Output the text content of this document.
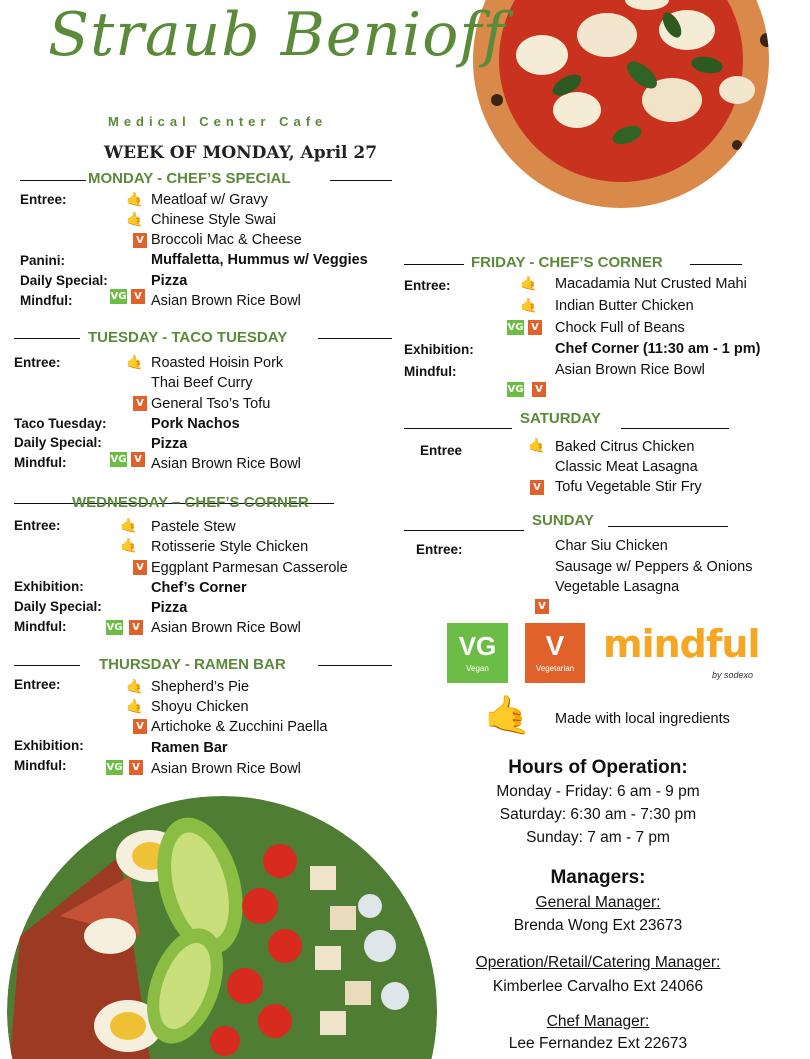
Straub Benioff
Medical Center Cafe
WEEK OF MONDAY, April 27
MONDAY - CHEF’S SPECIAL
Entree:	🤙 Meatloaf w/ Gravy
🤙 Chinese Style Swai
V Broccoli Mac & Cheese
Panini:	Muffaletta, Hummus w/ Veggies
Daily Special:	Pizza
Mindful:	VG V Asian Brown Rice Bowl
TUESDAY - TACO TUESDAY
Entree:	🤙 Roasted Hoisin Pork
Thai Beef Curry
V General Tso’s Tofu
Taco Tuesday:	Pork Nachos
Daily Special:	Pizza
Mindful:	VG V Asian Brown Rice Bowl
WEDNESDAY – CHEF’S CORNER
Entree:	🤙 Pastele Stew
🤙 Rotisserie Style Chicken
V Eggplant Parmesan Casserole
Exhibition:	Chef’s Corner
Daily Special:	Pizza
Mindful:	VG V Asian Brown Rice Bowl
THURSDAY - RAMEN BAR
Entree:	🤙 Shepherd’s Pie
🤙 Shoyu Chicken
V Artichoke & Zucchini Paella
Exhibition:	Ramen Bar
Mindful:	VG V Asian Brown Rice Bowl
FRIDAY - CHEF’S CORNER
Entree:	🤙 Macadamia Nut Crusted Mahi
🤙 Indian Butter Chicken
VG V Chock Full of Beans
Exhibition:	Chef Corner (11:30 am - 1 pm)
Mindful:	Asian Brown Rice Bowl
VG	V
SATURDAY
Entree	🤙 Baked Citrus Chicken
Classic Meat Lasagna
V Tofu Vegetable Stir Fry
SUNDAY
Entree:	Char Siu Chicken
Sausage w/ Peppers & Onions
Vegetable Lasagna
V
VG
Vegan
V
Vegetarian
mindful
by sodexo
🤙 Made with local ingredients
Hours of Operation:
Monday - Friday: 6 am - 9 pm
Saturday: 6:30 am - 7:30 pm
Sunday: 7 am - 7 pm
Managers:
General Manager:
Brenda Wong Ext 23673
Operation/Retail/Catering Manager:
Kimberlee Carvalho Ext 24066
Chef Manager:
Lee Fernandez Ext 22673
